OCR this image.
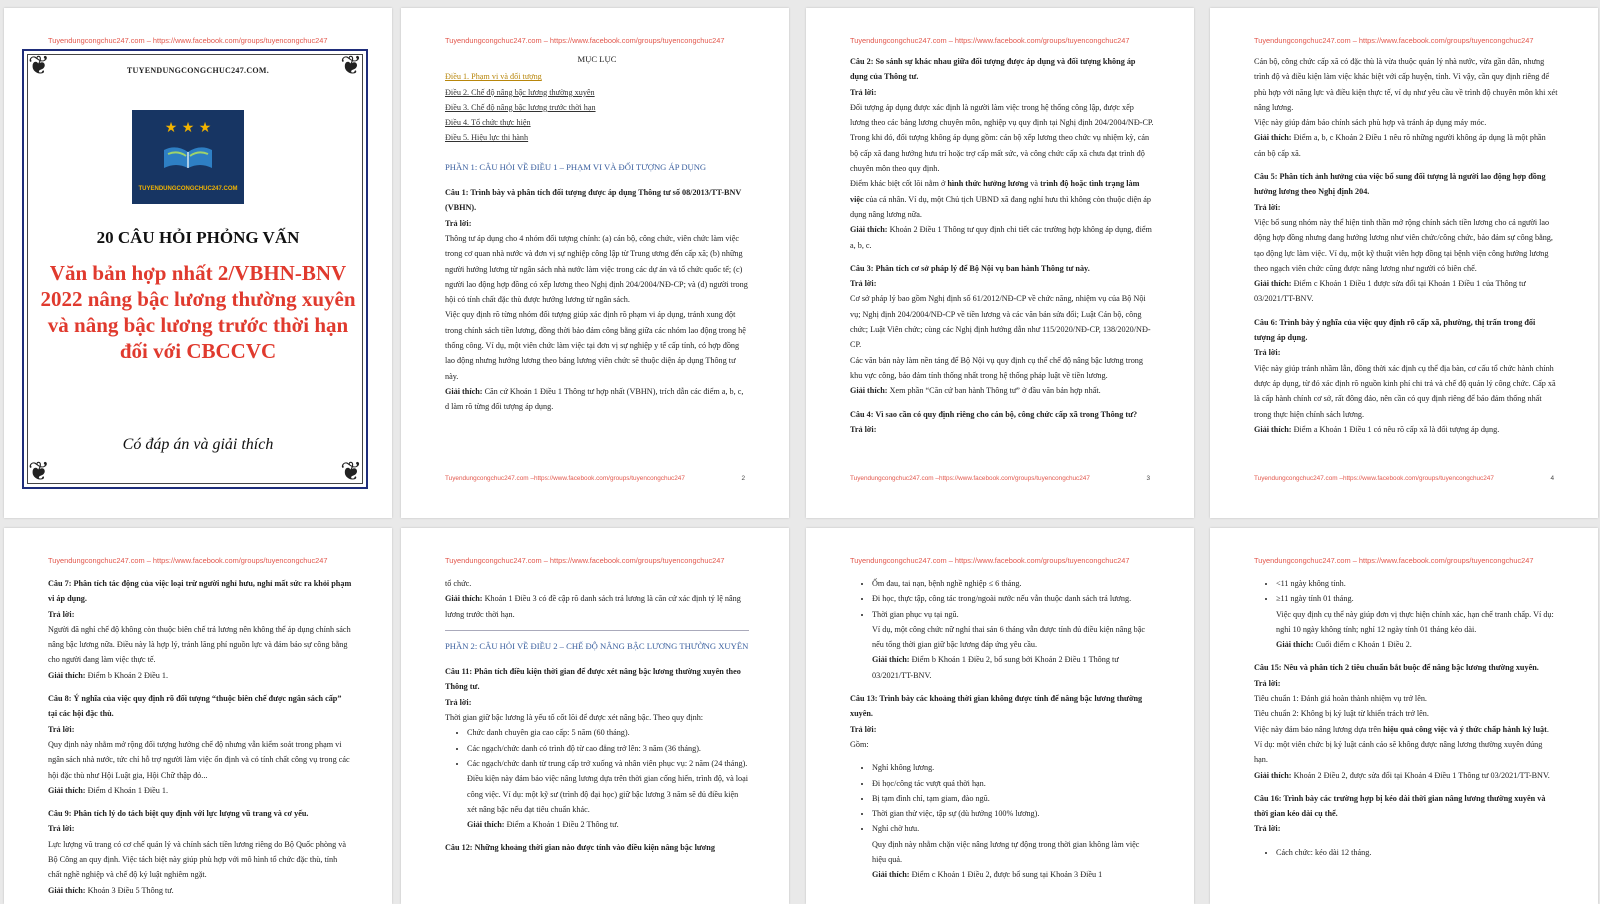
Tuyendungcongchuc247.com – https://www.facebook.com/groups/tuyencongchuc247
❦	❦
❦	❦
TUYENDUNGCONGCHUC247.COM.
★ ★ ★
TUYENDUNGCONGCHUC247.COM
20 CÂU HỎI PHỎNG VẤN
Văn bản hợp nhất 2/VBHN-BNV 2022 nâng bậc lương thường xuyên và nâng bậc lương trước thời hạn đối với CBCCVC
Có đáp án và giải thích
Tuyendungcongchuc247.com – https://www.facebook.com/groups/tuyencongchuc247
MỤC LỤC
Điều 1. Phạm vi và đối tượng
Điều 2. Chế độ nâng bậc lương thường xuyên
Điều 3. Chế độ nâng bậc lương trước thời hạn
Điều 4. Tổ chức thực hiện
Điều 5. Hiệu lực thi hành
PHẦN 1: CÂU HỎI VỀ ĐIỀU 1 – PHẠM VI VÀ ĐỐI TƯỢNG ÁP DỤNG

Câu 1: Trình bày và phân tích đối tượng được áp dụng Thông tư số 08/2013/TT-BNV (VBHN).

Trả lời:

Thông tư áp dụng cho 4 nhóm đối tượng chính: (a) cán bộ, công chức, viên chức làm việc trong cơ quan nhà nước và đơn vị sự nghiệp công lập từ Trung ương đến cấp xã; (b) những người hưởng lương từ ngân sách nhà nước làm việc trong các dự án và tổ chức quốc tế; (c) người lao động hợp đồng có xếp lương theo Nghị định 204/2004/NĐ-CP; và (d) người trong hội có tính chất đặc thù được hưởng lương từ ngân sách.

Việc quy định rõ từng nhóm đối tượng giúp xác định rõ phạm vi áp dụng, tránh xung đột trong chính sách tiền lương, đồng thời bảo đảm công bằng giữa các nhóm lao động trong hệ thống công. Ví dụ, một viên chức làm việc tại đơn vị sự nghiệp y tế cấp tỉnh, có hợp đồng lao động nhưng hưởng lương theo bảng lương viên chức sẽ thuộc diện áp dụng Thông tư này.

Giải thích: Căn cứ Khoản 1 Điều 1 Thông tư hợp nhất (VBHN), trích dẫn các điểm a, b, c, d làm rõ từng đối tượng áp dụng.

Tuyendungcongchuc247.com –https://www.facebook.com/groups/tuyencongchuc247	2
Tuyendungcongchuc247.com – https://www.facebook.com/groups/tuyencongchuc247

Câu 2: So sánh sự khác nhau giữa đối tượng được áp dụng và đối tượng không áp dụng của Thông tư.

Trả lời:

Đối tượng áp dụng được xác định là người làm việc trong hệ thống công lập, được xếp lương theo các bảng lương chuyên môn, nghiệp vụ quy định tại Nghị định 204/2004/NĐ-CP. Trong khi đó, đối tượng không áp dụng gồm: cán bộ xếp lương theo chức vụ nhiệm kỳ, cán bộ cấp xã đang hưởng hưu trí hoặc trợ cấp mất sức, và công chức cấp xã chưa đạt trình độ chuyên môn theo quy định.

Điểm khác biệt cốt lõi nằm ở hình thức hưởng lương và trình độ hoặc tình trạng làm việc của cá nhân. Ví dụ, một Chủ tịch UBND xã đang nghỉ hưu thì không còn thuộc diện áp dụng nâng lương nữa.

Giải thích: Khoản 2 Điều 1 Thông tư quy định chi tiết các trường hợp không áp dụng, điểm a, b, c.

Câu 3: Phân tích cơ sở pháp lý để Bộ Nội vụ ban hành Thông tư này.

Trả lời:

Cơ sở pháp lý bao gồm Nghị định số 61/2012/NĐ-CP về chức năng, nhiệm vụ của Bộ Nội vụ; Nghị định 204/2004/NĐ-CP về tiền lương và các văn bản sửa đổi; Luật Cán bộ, công chức; Luật Viên chức; cùng các Nghị định hướng dẫn như 115/2020/NĐ-CP, 138/2020/NĐ-CP.

Các văn bản này làm nền tảng để Bộ Nội vụ quy định cụ thể chế độ nâng bậc lương trong khu vực công, bảo đảm tính thống nhất trong hệ thống pháp luật về tiền lương.

Giải thích: Xem phần “Căn cứ ban hành Thông tư” ở đầu văn bản hợp nhất.

Câu 4: Vì sao cần có quy định riêng cho cán bộ, công chức cấp xã trong Thông tư?

Trả lời:

Tuyendungcongchuc247.com –https://www.facebook.com/groups/tuyencongchuc247	3
Tuyendungcongchuc247.com – https://www.facebook.com/groups/tuyencongchuc247

Cán bộ, công chức cấp xã có đặc thù là vừa thuộc quản lý nhà nước, vừa gần dân, nhưng trình độ và điều kiện làm việc khác biệt với cấp huyện, tỉnh. Vì vậy, cần quy định riêng để phù hợp với năng lực và điều kiện thực tế, ví dụ như yêu cầu về trình độ chuyên môn khi xét nâng lương.

Việc này giúp đảm bảo chính sách phù hợp và tránh áp dụng máy móc.

Giải thích: Điểm a, b, c Khoản 2 Điều 1 nêu rõ những người không áp dụng là một phần cán bộ cấp xã.

Câu 5: Phân tích ảnh hưởng của việc bổ sung đối tượng là người lao động hợp đồng hưởng lương theo Nghị định 204.

Trả lời:

Việc bổ sung nhóm này thể hiện tinh thần mở rộng chính sách tiền lương cho cả người lao động hợp đồng nhưng đang hưởng lương như viên chức/công chức, bảo đảm sự công bằng, tạo động lực làm việc. Ví dụ, một kỹ thuật viên hợp đồng tại bệnh viện công hưởng lương theo ngạch viên chức cũng được nâng lương như người có biên chế.

Giải thích: Điểm c Khoản 1 Điều 1 được sửa đổi tại Khoản 1 Điều 1 của Thông tư 03/2021/TT-BNV.

Câu 6: Trình bày ý nghĩa của việc quy định rõ cấp xã, phường, thị trấn trong đối tượng áp dụng.

Trả lời:

Việc này giúp tránh nhầm lẫn, đồng thời xác định cụ thể địa bàn, cơ cấu tổ chức hành chính được áp dụng, từ đó xác định rõ nguồn kinh phí chi trả và chế độ quản lý công chức. Cấp xã là cấp hành chính cơ sở, rất đông đảo, nên cần có quy định riêng để bảo đảm thống nhất trong thực hiện chính sách lương.

Giải thích: Điểm a Khoản 1 Điều 1 có nêu rõ cấp xã là đối tượng áp dụng.

Tuyendungcongchuc247.com –https://www.facebook.com/groups/tuyencongchuc247	4
Tuyendungcongchuc247.com – https://www.facebook.com/groups/tuyencongchuc247

Câu 7: Phân tích tác động của việc loại trừ người nghỉ hưu, nghỉ mất sức ra khỏi phạm vi áp dụng.

Trả lời:

Người đã nghỉ chế độ không còn thuộc biên chế trả lương nên không thể áp dụng chính sách nâng bậc lương nữa. Điều này là hợp lý, tránh lãng phí nguồn lực và đảm bảo sự công bằng cho người đang làm việc thực tế.

Giải thích: Điểm b Khoản 2 Điều 1.

Câu 8: Ý nghĩa của việc quy định rõ đối tượng “thuộc biên chế được ngân sách cấp” tại các hội đặc thù.

Trả lời:

Quy định này nhằm mở rộng đối tượng hưởng chế độ nhưng vẫn kiểm soát trong phạm vi ngân sách nhà nước, tức chỉ hỗ trợ người làm việc ổn định và có tính chất công vụ trong các hội đặc thù như Hội Luật gia, Hội Chữ thập đỏ...

Giải thích: Điểm d Khoản 1 Điều 1.

Câu 9: Phân tích lý do tách biệt quy định với lực lượng vũ trang và cơ yếu.

Trả lời:

Lực lượng vũ trang có cơ chế quản lý và chính sách tiền lương riêng do Bộ Quốc phòng và Bộ Công an quy định. Việc tách biệt này giúp phù hợp với mô hình tổ chức đặc thù, tính chất nghề nghiệp và chế độ kỷ luật nghiêm ngặt.

Giải thích: Khoản 3 Điều 5 Thông tư.

Tuyendungcongchuc247.com – https://www.facebook.com/groups/tuyencongchuc247

tổ chức.

Giải thích: Khoản 1 Điều 3 có đề cập rõ danh sách trả lương là căn cứ xác định tỷ lệ nâng lương trước thời hạn.

PHẦN 2: CÂU HỎI VỀ ĐIỀU 2 – CHẾ ĐỘ NÂNG BẬC LƯƠNG THƯỜNG XUYÊN

Câu 11: Phân tích điều kiện thời gian để được xét nâng bậc lương thường xuyên theo Thông tư.

Trả lời:

Thời gian giữ bậc lương là yếu tố cốt lõi để được xét nâng bậc. Theo quy định:

• Chức danh chuyên gia cao cấp: 5 năm (60 tháng).
• Các ngạch/chức danh có trình độ từ cao đẳng trở lên: 3 năm (36 tháng).
• Các ngạch/chức danh từ trung cấp trở xuống và nhân viên phục vụ: 2 năm (24 tháng).

Điều kiện này đảm bảo việc nâng lương dựa trên thời gian cống hiến, trình độ, và loại công việc. Ví dụ: một kỹ sư (trình độ đại học) giữ bậc lương 3 năm sẽ đủ điều kiện xét nâng bậc nếu đạt tiêu chuẩn khác.

Giải thích: Điểm a Khoản 1 Điều 2 Thông tư.

Câu 12: Những khoảng thời gian nào được tính vào điều kiện nâng bậc lương

Tuyendungcongchuc247.com – https://www.facebook.com/groups/tuyencongchuc247
• Ốm đau, tai nạn, bệnh nghề nghiệp ≤ 6 tháng.
• Đi học, thực tập, công tác trong/ngoài nước nếu vẫn thuộc danh sách trả lương.
• Thời gian phục vụ tại ngũ.

Ví dụ, một công chức nữ nghỉ thai sản 6 tháng vẫn được tính đủ điều kiện nâng bậc nếu tổng thời gian giữ bậc lương đáp ứng yêu cầu.

Giải thích: Điểm b Khoản 1 Điều 2, bổ sung bởi Khoản 2 Điều 1 Thông tư 03/2021/TT-BNV.

Câu 13: Trình bày các khoảng thời gian không được tính để nâng bậc lương thường xuyên.

Trả lời:

Gồm:

• Nghỉ không lương.
• Đi học/công tác vượt quá thời hạn.
• Bị tạm đình chỉ, tạm giam, đào ngũ.
• Thời gian thử việc, tập sự (dù hưởng 100% lương).
• Nghỉ chờ hưu.

Quy định này nhằm chặn việc nâng lương tự động trong thời gian không làm việc hiệu quả.

Giải thích: Điểm c Khoản 1 Điều 2, được bổ sung tại Khoản 3 Điều 1

Tuyendungcongchuc247.com – https://www.facebook.com/groups/tuyencongchuc247
• <11 ngày không tính.
• ≥11 ngày tính 01 tháng.

Việc quy định cụ thể này giúp đơn vị thực hiện chính xác, hạn chế tranh chấp. Ví dụ: nghỉ 10 ngày không tính; nghỉ 12 ngày tính 01 tháng kéo dài.

Giải thích: Cuối điểm c Khoản 1 Điều 2.

Câu 15: Nêu và phân tích 2 tiêu chuẩn bắt buộc để nâng bậc lương thường xuyên.

Trả lời:

Tiêu chuẩn 1: Đánh giá hoàn thành nhiệm vụ trở lên.

Tiêu chuẩn 2: Không bị kỷ luật từ khiển trách trở lên.

Việc này đảm bảo nâng lương dựa trên hiệu quả công việc và ý thức chấp hành kỷ luật. Ví dụ: một viên chức bị kỷ luật cảnh cáo sẽ không được nâng lương thường xuyên đúng hạn.

Giải thích: Khoản 2 Điều 2, được sửa đổi tại Khoản 4 Điều 1 Thông tư 03/2021/TT-BNV.

Câu 16: Trình bày các trường hợp bị kéo dài thời gian nâng lương thường xuyên và thời gian kéo dài cụ thể.

Trả lời:

• Cách chức: kéo dài 12 tháng.
